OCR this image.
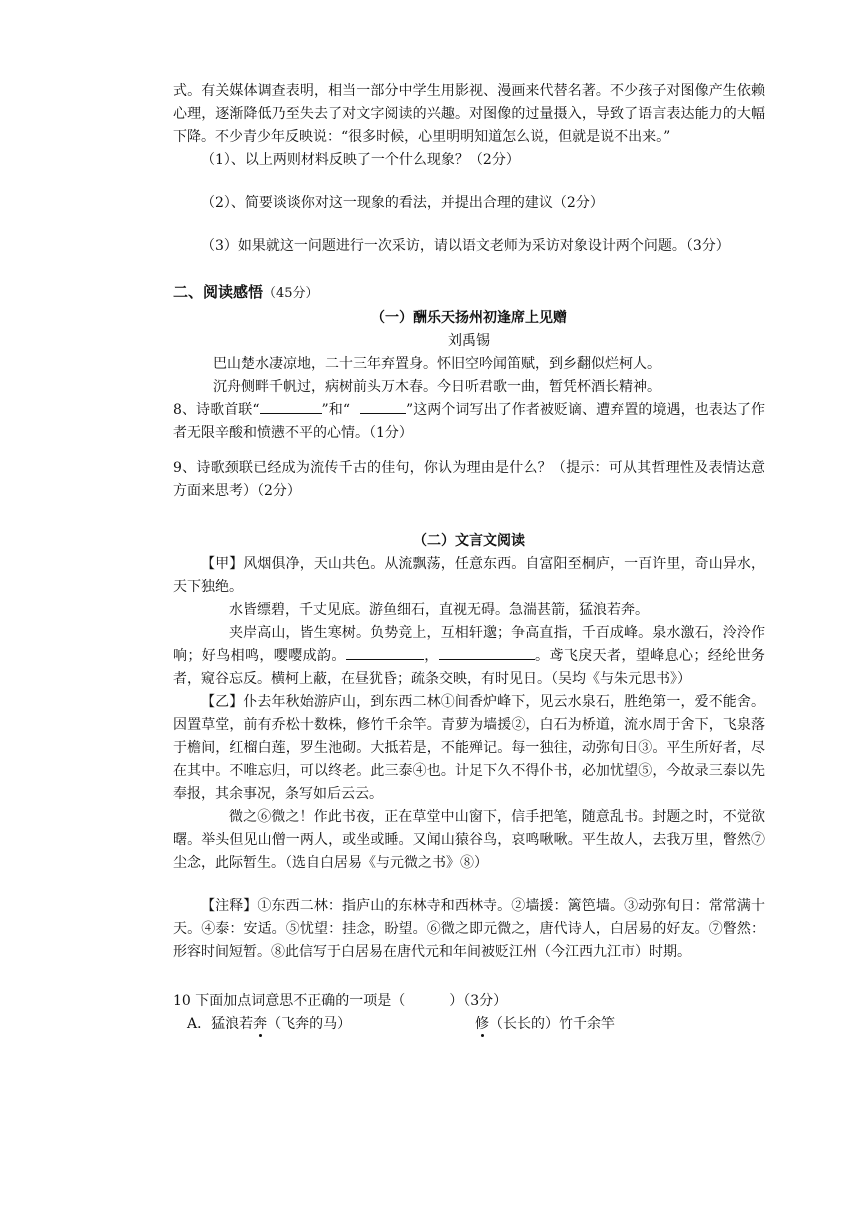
式。有关媒体调查表明，相当一部分中学生用影视、漫画来代替名著。不少孩子对图像产生依赖心理，逐渐降低乃至失去了对文字阅读的兴趣。对图像的过量摄入，导致了语言表达能力的大幅下降。不少青少年反映说：“很多时候，心里明明知道怎么说，但就是说不出来。”

（1）、以上两则材料反映了一个什么现象？（2分）

（2）、简要谈谈你对这一现象的看法，并提出合理的建议（2分）

（3）如果就这一问题进行一次采访，请以语文老师为采访对象设计两个问题。（3分）

二、阅读感悟（45分）

（一）酬乐天扬州初逢席上见赠

刘禹锡

巴山楚水凄凉地，二十三年弃置身。怀旧空吟闻笛赋，到乡翻似烂柯人。

沉舟侧畔千帆过，病树前头万木春。今日听君歌一曲，暂凭杯酒长精神。

8、诗歌首联“	”和“	”这两个词写出了作者被贬谪、遭弃置的境遇，也表达了作者无限辛酸和愤懑不平的心情。（1分）

9、诗歌颈联已经成为流传千古的佳句，你认为理由是什么？（提示：可从其哲理性及表情达意方面来思考）（2分）

（二）文言文阅读

【甲】风烟俱净，天山共色。从流飘荡，任意东西。自富阳至桐庐，一百许里，奇山异水，天下独绝。

水皆缥碧，千丈见底。游鱼细石，直视无碍。急湍甚箭，猛浪若奔。

夹岸高山，皆生寒树。负势竞上，互相轩邈；争高直指，千百成峰。泉水激石，泠泠作响；好鸟相鸣，嘤嘤成韵。	，	。鸢飞戾天者，望峰息心；经纶世务者，窥谷忘反。横柯上蔽，在昼犹昏；疏条交映，有时见日。（吴均《与朱元思书》）

【乙】仆去年秋始游庐山，到东西二林①间香炉峰下，见云水泉石，胜绝第一，爱不能舍。因置草堂，前有乔松十数株，修竹千余竿。青萝为墙援②，白石为桥道，流水周于舍下，飞泉落于檐间，红榴白莲，罗生池砌。大抵若是，不能殚记。每一独往，动弥旬日③。平生所好者，尽在其中。不唯忘归，可以终老。此三泰④也。计足下久不得仆书，必加忧望⑤，今故录三泰以先奉报，其余事况，条写如后云云。

微之⑥微之！作此书夜，正在草堂中山窗下，信手把笔，随意乱书。封题之时，不觉欲曙。举头但见山僧一两人，或坐或睡。又闻山猿谷鸟，哀鸣啾啾。平生故人，去我万里，瞥然⑦尘念，此际暂生。（选自白居易《与元微之书》⑧）

【注释】①东西二林：指庐山的东林寺和西林寺。②墙援：篱笆墙。③动弥旬日：常常满十天。④泰：安适。⑤忧望：挂念，盼望。⑥微之即元微之，唐代诗人，白居易的好友。⑦瞥然：形容时间短暂。⑧此信写于白居易在唐代元和年间被贬江州（今江西九江市）时期。

10 下面加点词意思不正确的一项是（	）（3分）

A．猛浪若奔（飞奔的马）	修（长长的）竹千余竿
